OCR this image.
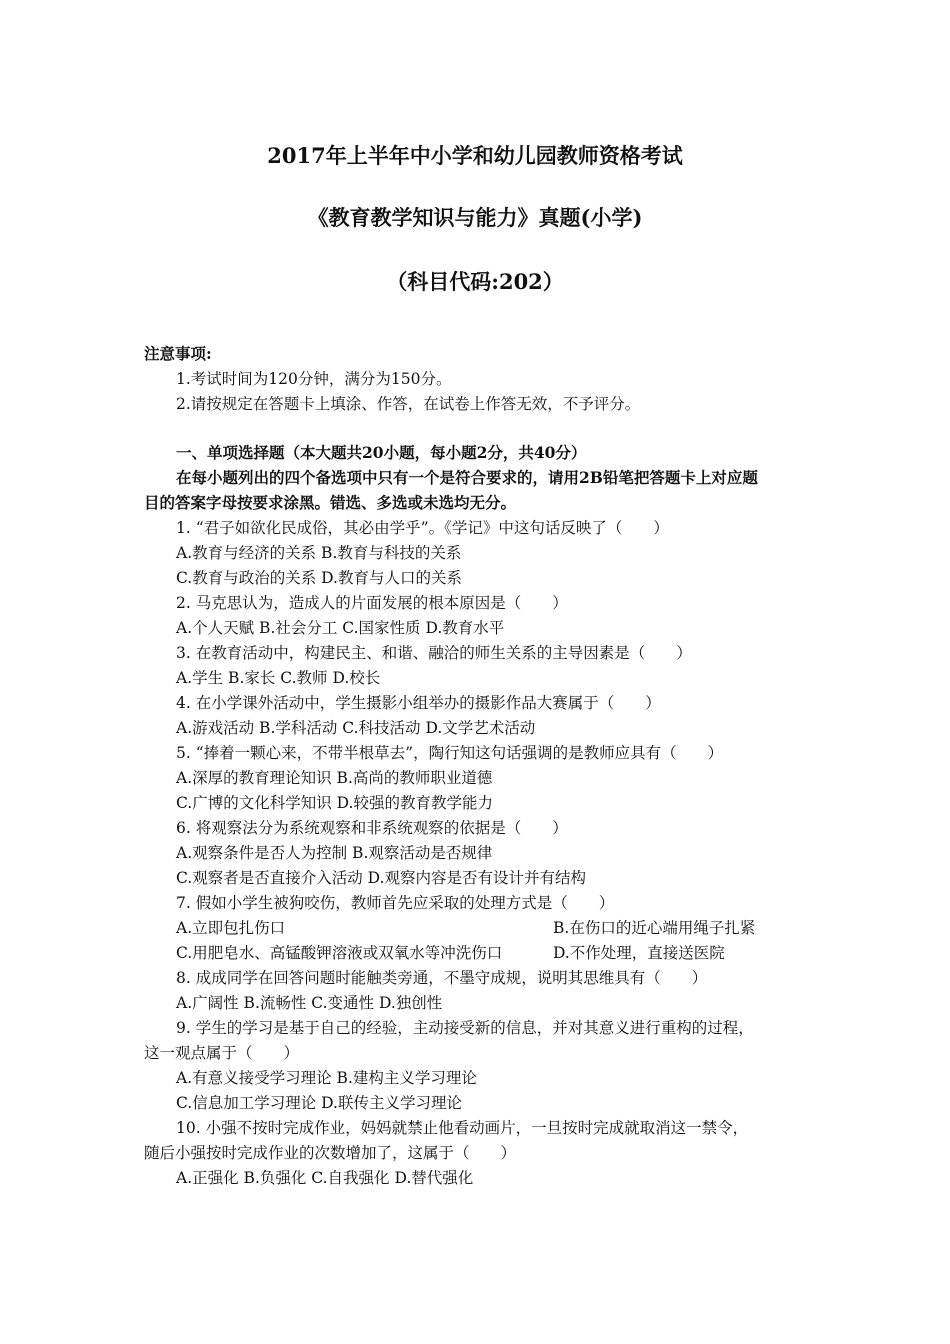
2017年上半年中小学和幼儿园教师资格考试
《教育教学知识与能力》真题(小学)
（科目代码:202）
注意事项:
1.考试时间为120分钟，满分为150分。
2.请按规定在答题卡上填涂、作答，在试卷上作答无效，不予评分。
一、单项选择题（本大题共20小题，每小题2分，共40分）
在每小题列出的四个备选项中只有一个是符合要求的，请用2B铅笔把答题卡上对应题
目的答案字母按要求涂黑。错选、多选或未选均无分。
1. “君子如欲化民成俗，其必由学乎”。《学记》中这句话反映了（　　）
A.教育与经济的关系 B.教育与科技的关系
C.教育与政治的关系 D.教育与人口的关系
2. 马克思认为，造成人的片面发展的根本原因是（　　）
A.个人天赋 B.社会分工 C.国家性质 D.教育水平
3. 在教育活动中，构建民主、和谐、融洽的师生关系的主导因素是（　　）
A.学生 B.家长 C.教师 D.校长
4. 在小学课外活动中，学生摄影小组举办的摄影作品大赛属于（　　）
A.游戏活动 B.学科活动 C.科技活动 D.文学艺术活动
5. “捧着一颗心来，不带半根草去”，陶行知这句话强调的是教师应具有（　　）
A.深厚的教育理论知识 B.高尚的教师职业道德
C.广博的文化科学知识 D.较强的教育教学能力
6. 将观察法分为系统观察和非系统观察的依据是（　　）
A.观察条件是否人为控制 B.观察活动是否规律
C.观察者是否直接介入活动 D.观察内容是否有设计并有结构
7. 假如小学生被狗咬伤，教师首先应采取的处理方式是（　　）
A.立即包扎伤口	B.在伤口的近心端用绳子扎紧
C.用肥皂水、高锰酸钾溶液或双氧水等冲洗伤口	D.不作处理，直接送医院
8. 成成同学在回答问题时能触类旁通，不墨守成规，说明其思维具有（　　）
A.广阔性 B.流畅性 C.变通性 D.独创性
9. 学生的学习是基于自己的经验，主动接受新的信息，并对其意义进行重构的过程，
这一观点属于（　　）
A.有意义接受学习理论 B.建构主义学习理论
C.信息加工学习理论 D.联传主义学习理论
10. 小强不按时完成作业，妈妈就禁止他看动画片，一旦按时完成就取消这一禁令，
随后小强按时完成作业的次数增加了，这属于（　　）
A.正强化 B.负强化 C.自我强化 D.替代强化
